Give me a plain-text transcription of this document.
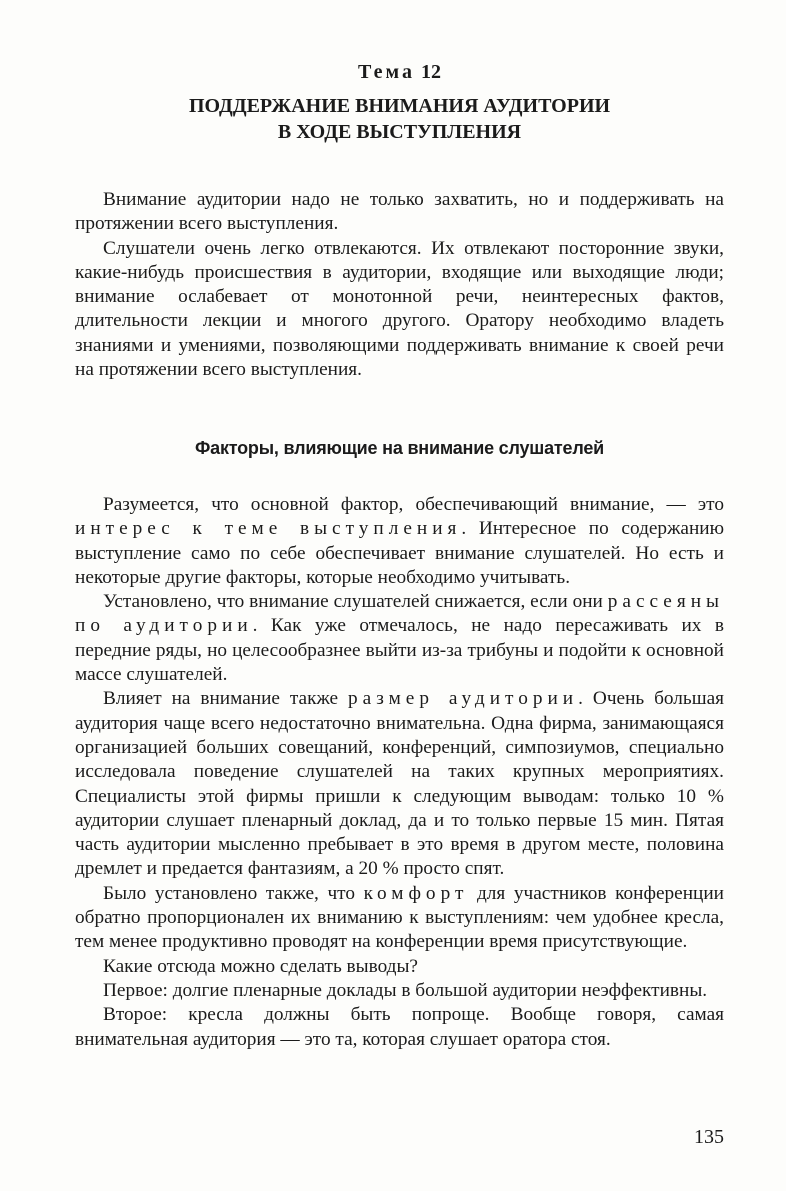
Тема 12
ПОДДЕРЖАНИЕ ВНИМАНИЯ АУДИТОРИИ
В ХОДЕ ВЫСТУПЛЕНИЯ

Внимание аудитории надо не только захватить, но и поддерживать на протяжении всего выступления.

Слушатели очень легко отвлекаются. Их отвлекают посторонние звуки, какие-нибудь происшествия в аудитории, входящие или выходящие люди; внимание ослабевает от монотонной речи, неинтересных фактов, длительности лекции и многого другого. Оратору необходимо владеть знаниями и умениями, позволяющими поддерживать внимание к своей речи на протяжении всего выступления.

Факторы, влияющие на внимание слушателей

Разумеется, что основной фактор, обеспечивающий внимание, — это интерес к теме выступления. Интересное по содержанию выступление само по себе обеспечивает внимание слушателей. Но есть и некоторые другие факторы, которые необходимо учитывать.

Установлено, что внимание слушателей снижается, если они рассеяны по аудитории. Как уже отмечалось, не надо пересаживать их в передние ряды, но целесообразнее выйти из-за трибуны и подойти к основной массе слушателей.

Влияет на внимание также размер аудитории. Очень большая аудитория чаще всего недостаточно внимательна. Одна фирма, занимающаяся организацией больших совещаний, конференций, симпозиумов, специально исследовала поведение слушателей на таких крупных мероприятиях. Специалисты этой фирмы пришли к следующим выводам: только 10 % аудитории слушает пленарный доклад, да и то только первые 15 мин. Пятая часть аудитории мысленно пребывает в это время в другом месте, половина дремлет и предается фантазиям, а 20 % просто спят.

Было установлено также, что комфорт для участников конференции обратно пропорционален их вниманию к выступлениям: чем удобнее кресла, тем менее продуктивно проводят на конференции время присутствующие.

Какие отсюда можно сделать выводы?

Первое: долгие пленарные доклады в большой аудитории неэффективны.

Второе: кресла должны быть попроще. Вообще говоря, самая внимательная аудитория — это та, которая слушает оратора стоя.

135
